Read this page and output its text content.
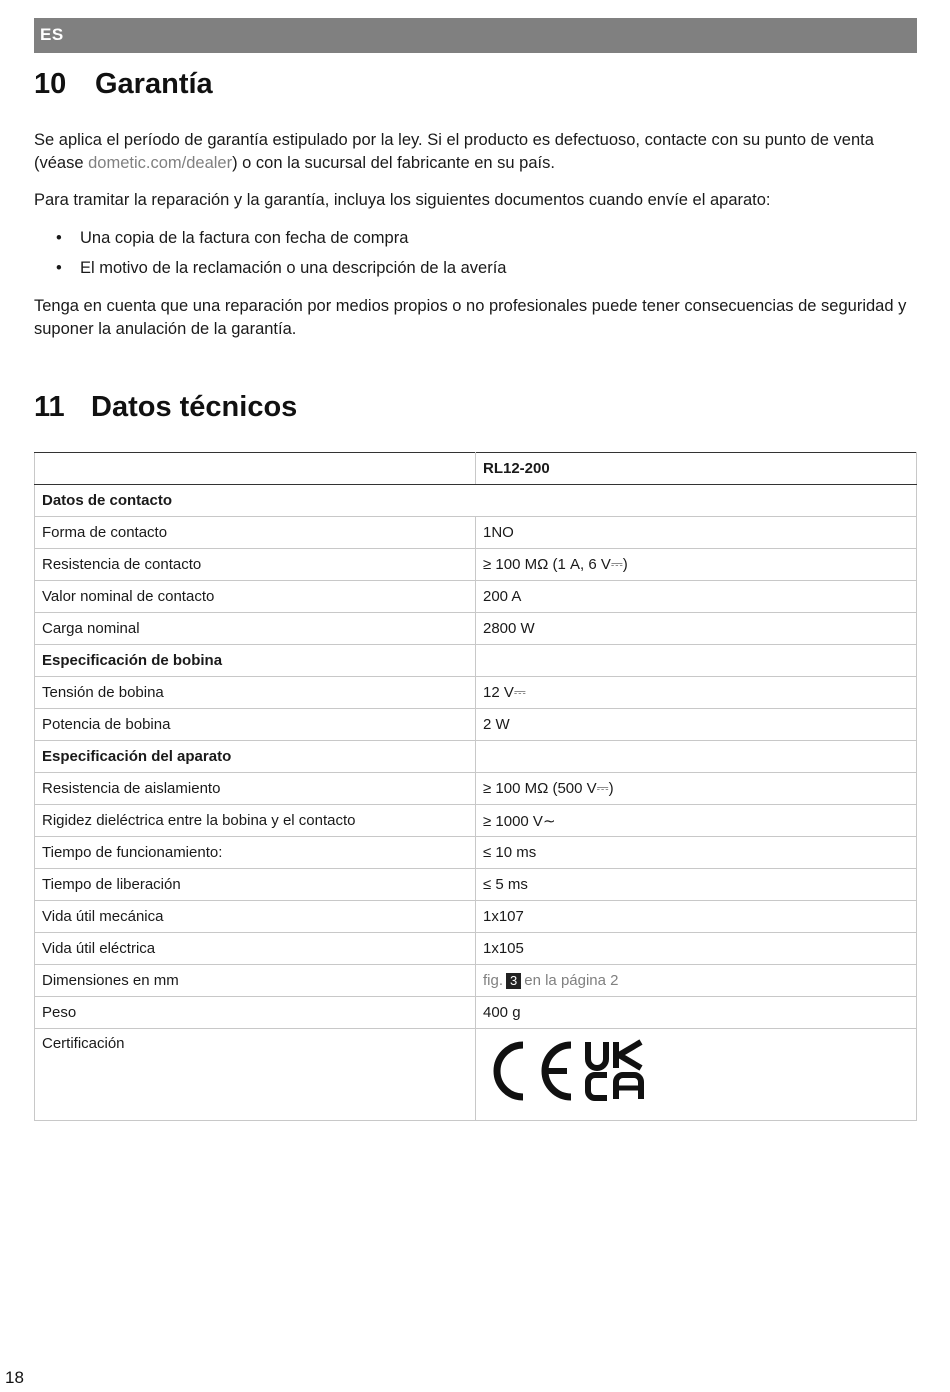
ES
10 Garantía
Se aplica el período de garantía estipulado por la ley. Si el producto es defectuoso, contacte con su punto de venta (véase dometic.com/dealer) o con la sucursal del fabricante en su país.
Para tramitar la reparación y la garantía, incluya los siguientes documentos cuando envíe el aparato:
• Una copia de la factura con fecha de compra
• El motivo de la reclamación o una descripción de la avería
Tenga en cuenta que una reparación por medios propios o no profesionales puede tener consecuencias de seguridad y suponer la anulación de la garantía.
11 Datos técnicos
	RL12-200
Datos de contacto	
Forma de contacto	1NO
Resistencia de contacto	≥ 100 MΩ (1 A, 6 V⎓)
Valor nominal de contacto	200 A
Carga nominal	2800 W
Especificación de bobina	
Tensión de bobina	12 V⎓
Potencia de bobina	2 W
Especificación del aparato	
Resistencia de aislamiento	≥ 100 MΩ (500 V⎓)
Rigidez dieléctrica entre la bobina y el contacto	≥ 1000 V∼
Tiempo de funcionamiento:	≤ 10 ms
Tiempo de liberación	≤ 5 ms
Vida útil mecánica	1x107
Vida útil eléctrica	1x105
Dimensiones en mm	fig. 3 en la página 2
Peso	400 g
Certificación	
18
